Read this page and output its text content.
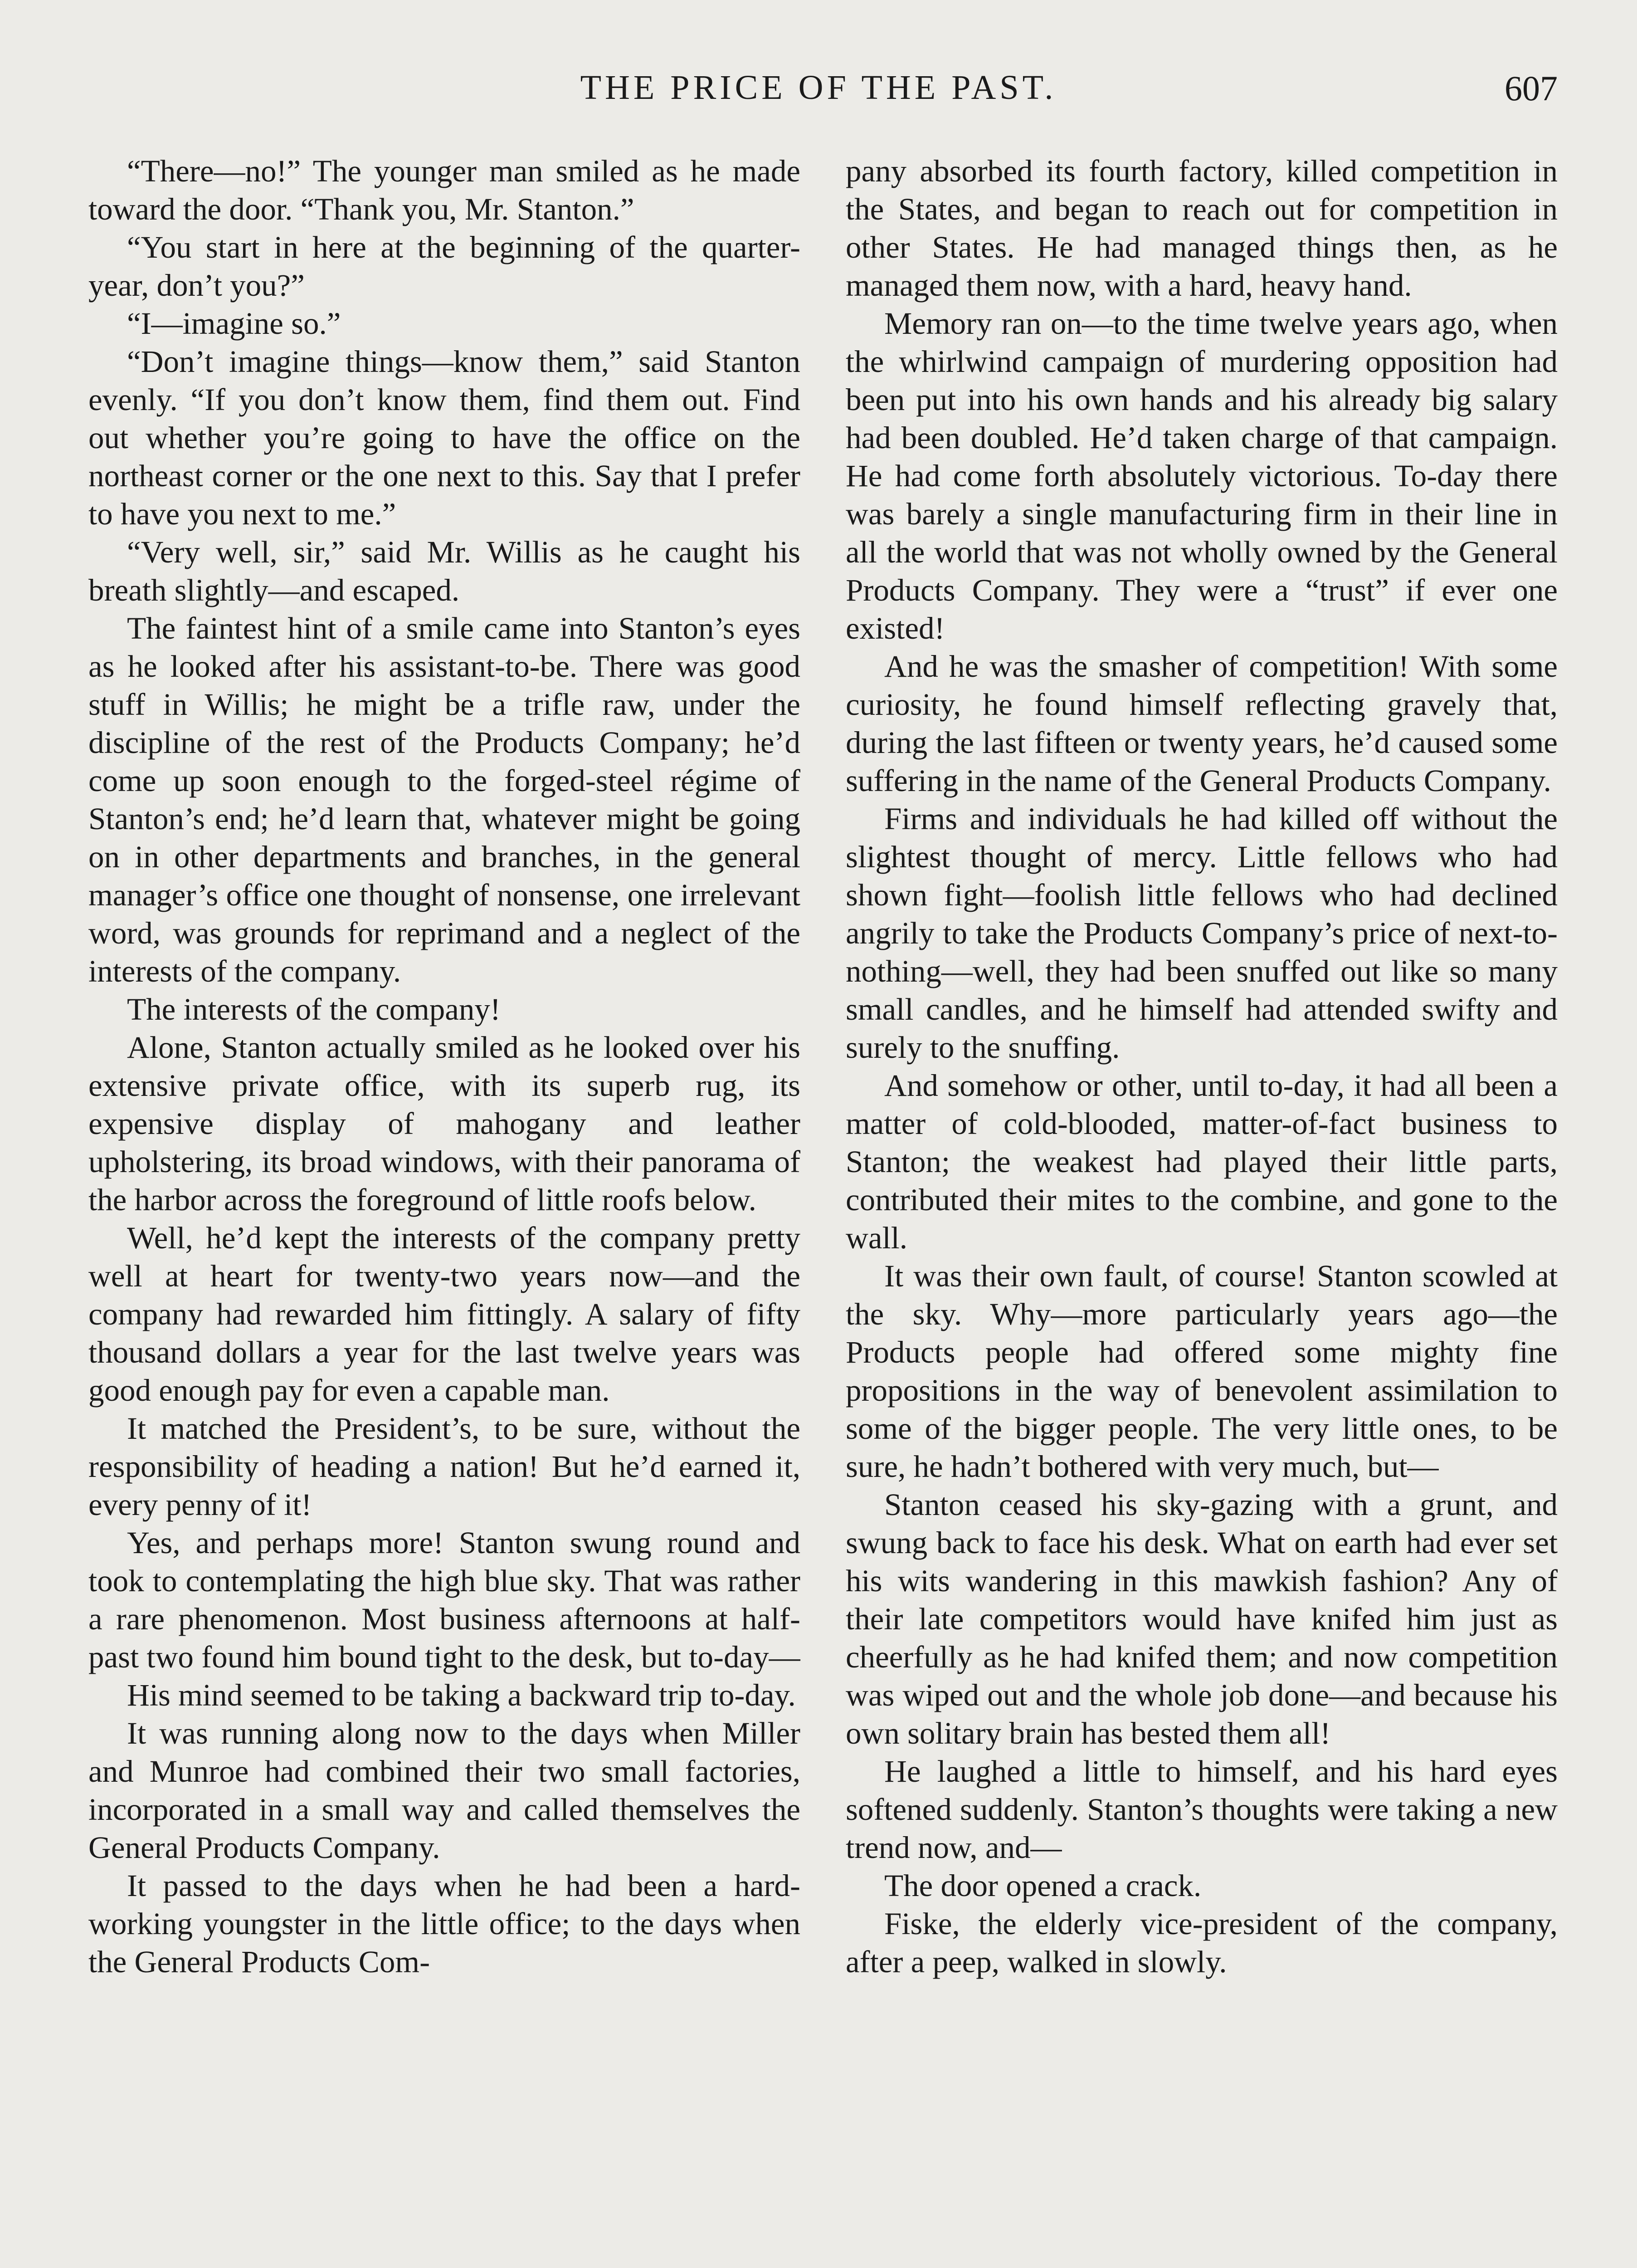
THE PRICE OF THE PAST.	607

“There—no!” The younger man smiled as he made toward the door. “Thank you, Mr. Stanton.”

“You start in here at the beginning of the quarter-year, don’t you?”

“I—imagine so.”

“Don’t imagine things—know them,” said Stanton evenly. “If you don’t know them, find them out. Find out whether you’re going to have the office on the northeast corner or the one next to this. Say that I prefer to have you next to me.”

“Very well, sir,” said Mr. Willis as he caught his breath slightly—and escaped.

The faintest hint of a smile came into Stanton’s eyes as he looked after his assistant-to-be. There was good stuff in Willis; he might be a trifle raw, under the discipline of the rest of the Products Company; he’d come up soon enough to the forged-steel régime of Stanton’s end; he’d learn that, whatever might be going on in other departments and branches, in the general manager’s office one thought of nonsense, one irrelevant word, was grounds for reprimand and a neglect of the interests of the company.

The interests of the company!

Alone, Stanton actually smiled as he looked over his extensive private office, with its superb rug, its expensive display of mahogany and leather upholstering, its broad windows, with their panorama of the harbor across the foreground of little roofs below.

Well, he’d kept the interests of the company pretty well at heart for twenty-two years now—and the company had rewarded him fittingly. A salary of fifty thousand dollars a year for the last twelve years was good enough pay for even a capable man.

It matched the President’s, to be sure, without the responsibility of heading a nation! But he’d earned it, every penny of it!

Yes, and perhaps more! Stanton swung round and took to contemplating the high blue sky. That was rather a rare phenomenon. Most business afternoons at half-past two found him bound tight to the desk, but to-day—

His mind seemed to be taking a backward trip to-day.

It was running along now to the days when Miller and Munroe had combined their two small factories, incorporated in a small way and called themselves the General Products Company.

It passed to the days when he had been a hard-working youngster in the little office; to the days when the General Products Com-

pany absorbed its fourth factory, killed competition in the States, and began to reach out for competition in other States. He had managed things then, as he managed them now, with a hard, heavy hand.

Memory ran on—to the time twelve years ago, when the whirlwind campaign of murdering opposition had been put into his own hands and his already big salary had been doubled. He’d taken charge of that campaign. He had come forth absolutely victorious. To-day there was barely a single manufacturing firm in their line in all the world that was not wholly owned by the General Products Company. They were a “trust” if ever one existed!

And he was the smasher of competition! With some curiosity, he found himself reflecting gravely that, during the last fifteen or twenty years, he’d caused some suffering in the name of the General Products Company.

Firms and individuals he had killed off without the slightest thought of mercy. Little fellows who had shown fight—foolish little fellows who had declined angrily to take the Products Company’s price of next-to-nothing—well, they had been snuffed out like so many small candles, and he himself had attended swifty and surely to the snuffing.

And somehow or other, until to-day, it had all been a matter of cold-blooded, matter-of-fact business to Stanton; the weakest had played their little parts, contributed their mites to the combine, and gone to the wall.

It was their own fault, of course! Stanton scowled at the sky. Why—more particularly years ago—the Products people had offered some mighty fine propositions in the way of benevolent assimilation to some of the bigger people. The very little ones, to be sure, he hadn’t bothered with very much, but—

Stanton ceased his sky-gazing with a grunt, and swung back to face his desk. What on earth had ever set his wits wandering in this mawkish fashion? Any of their late competitors would have knifed him just as cheerfully as he had knifed them; and now competition was wiped out and the whole job done—and because his own solitary brain has bested them all!

He laughed a little to himself, and his hard eyes softened suddenly. Stanton’s thoughts were taking a new trend now, and—

The door opened a crack.

Fiske, the elderly vice-president of the company, after a peep, walked in slowly.
